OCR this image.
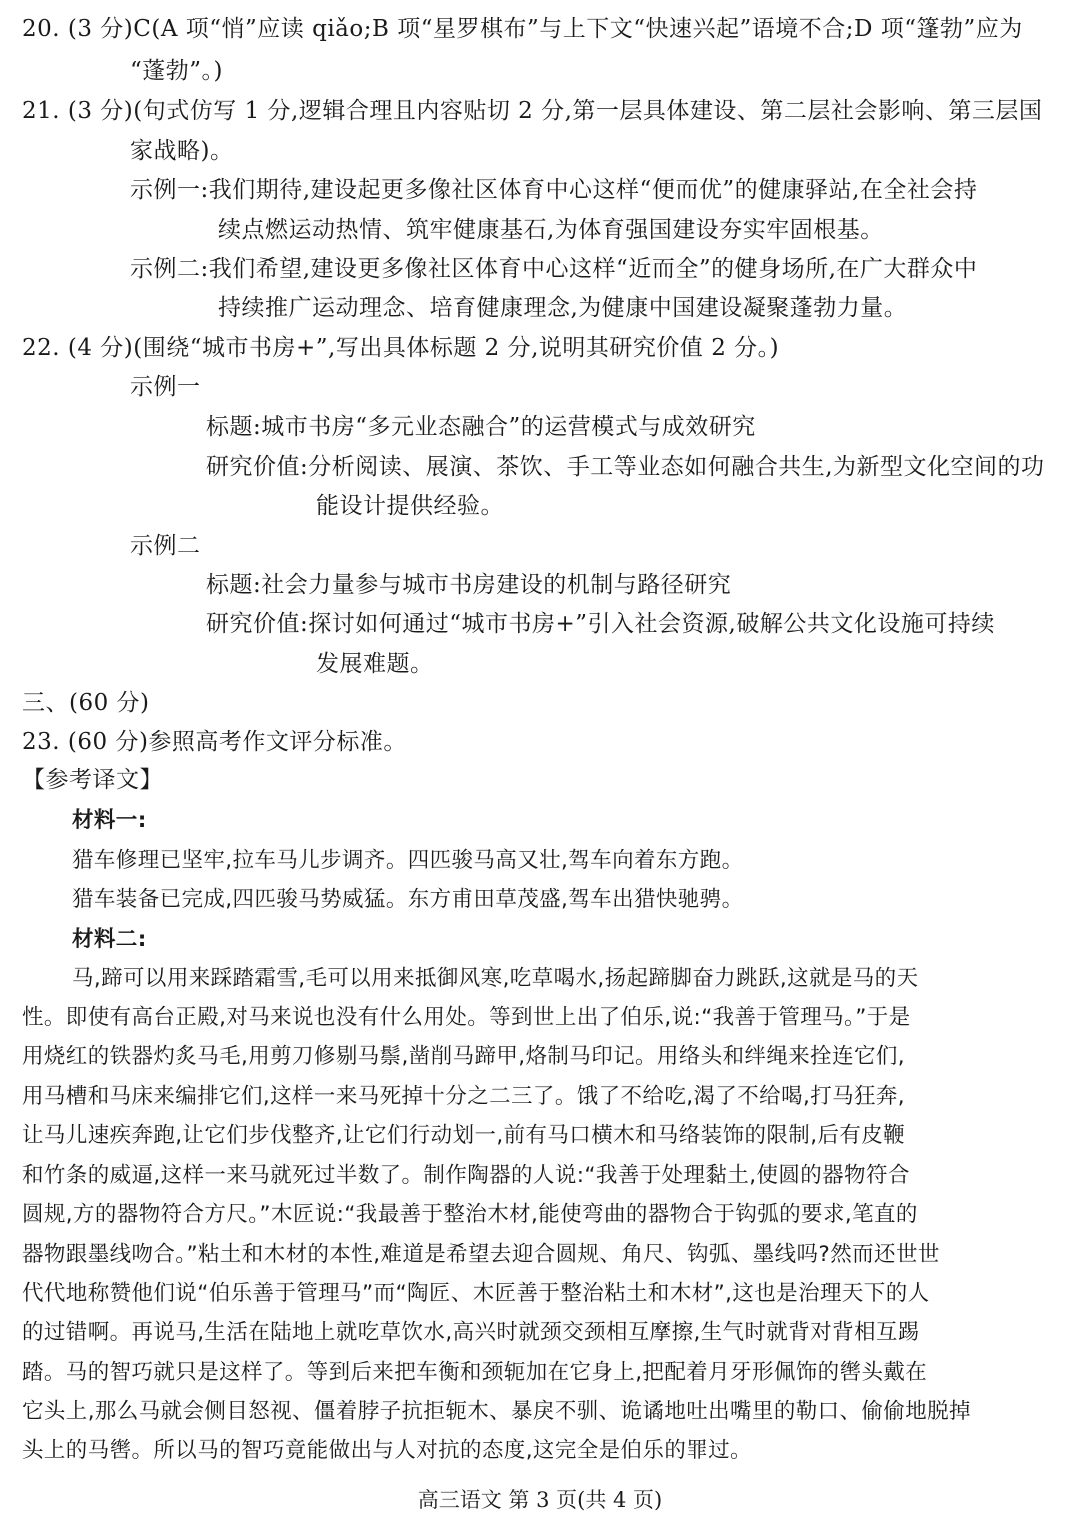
20. (3 分)C(A 项“悄”应读 qiǎo;B 项“星罗棋布”与上下文“快速兴起”语境不合;D 项“篷勃”应为
“蓬勃”。)
21. (3 分)(句式仿写 1 分,逻辑合理且内容贴切 2 分,第一层具体建设、第二层社会影响、第三层国
家战略)。
示例一:我们期待,建设起更多像社区体育中心这样“便而优”的健康驿站,在全社会持
续点燃运动热情、筑牢健康基石,为体育强国建设夯实牢固根基。
示例二:我们希望,建设更多像社区体育中心这样“近而全”的健身场所,在广大群众中
持续推广运动理念、培育健康理念,为健康中国建设凝聚蓬勃力量。
22. (4 分)(围绕“城市书房+”,写出具体标题 2 分,说明其研究价值 2 分。)
示例一
标题:城市书房“多元业态融合”的运营模式与成效研究
研究价值:分析阅读、展演、茶饮、手工等业态如何融合共生,为新型文化空间的功
能设计提供经验。
示例二
标题:社会力量参与城市书房建设的机制与路径研究
研究价值:探讨如何通过“城市书房+”引入社会资源,破解公共文化设施可持续
发展难题。
三、(60 分)
23. (60 分)参照高考作文评分标准。
【参考译文】
材料一:
猎车修理已坚牢,拉车马儿步调齐。四匹骏马高又壮,驾车向着东方跑。
猎车装备已完成,四匹骏马势威猛。东方甫田草茂盛,驾车出猎快驰骋。
材料二:
马,蹄可以用来踩踏霜雪,毛可以用来抵御风寒,吃草喝水,扬起蹄脚奋力跳跃,这就是马的天
性。即使有高台正殿,对马来说也没有什么用处。等到世上出了伯乐,说:“我善于管理马。”于是
用烧红的铁器灼炙马毛,用剪刀修剔马鬃,凿削马蹄甲,烙制马印记。用络头和绊绳来拴连它们,
用马槽和马床来编排它们,这样一来马死掉十分之二三了。饿了不给吃,渴了不给喝,打马狂奔,
让马儿速疾奔跑,让它们步伐整齐,让它们行动划一,前有马口横木和马络装饰的限制,后有皮鞭
和竹条的威逼,这样一来马就死过半数了。制作陶器的人说:“我善于处理黏土,使圆的器物符合
圆规,方的器物符合方尺。”木匠说:“我最善于整治木材,能使弯曲的器物合于钩弧的要求,笔直的
器物跟墨线吻合。”粘土和木材的本性,难道是希望去迎合圆规、角尺、钩弧、墨线吗?然而还世世
代代地称赞他们说“伯乐善于管理马”而“陶匠、木匠善于整治粘土和木材”,这也是治理天下的人
的过错啊。再说马,生活在陆地上就吃草饮水,高兴时就颈交颈相互摩擦,生气时就背对背相互踢
踏。马的智巧就只是这样了。等到后来把车衡和颈轭加在它身上,把配着月牙形佩饰的辔头戴在
它头上,那么马就会侧目怒视、僵着脖子抗拒轭木、暴戾不驯、诡谲地吐出嘴里的勒口、偷偷地脱掉
头上的马辔。所以马的智巧竟能做出与人对抗的态度,这完全是伯乐的罪过。
高三语文 第 3 页(共 4 页)
